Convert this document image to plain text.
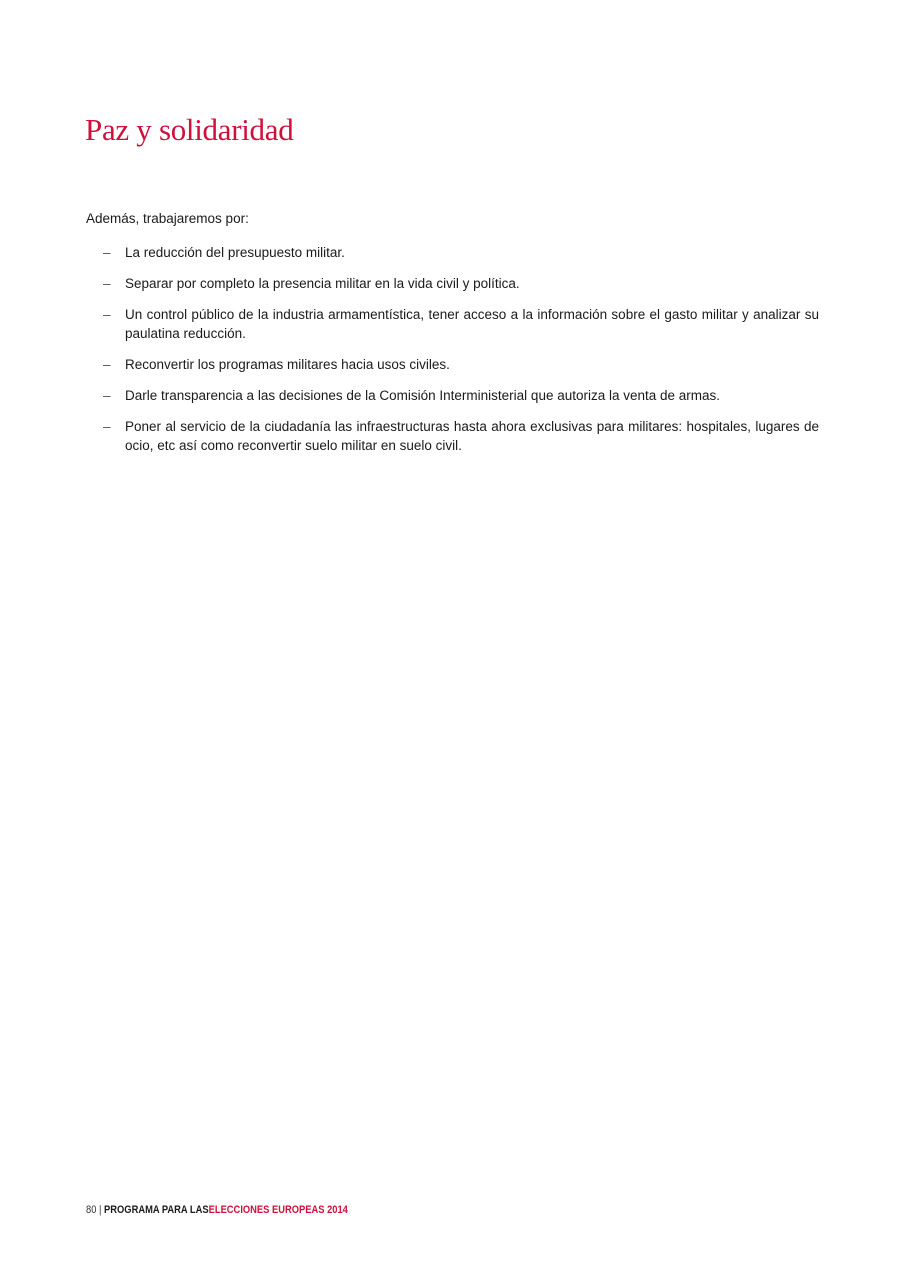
Paz y solidaridad

Además, trabajaremos por:

– La reducción del presupuesto militar.
– Separar por completo la presencia militar en la vida civil y política.
– Un control público de la industria armamentística, tener acceso a la información sobre el gasto militar y analizar su paulatina reducción.
– Reconvertir los programas militares hacia usos civiles.
– Darle transparencia a las decisiones de la Comisión Interministerial que autoriza la venta de armas.
– Poner al servicio de la ciudadanía las infraestructuras hasta ahora exclusivas para militares: hospitales, lugares de ocio, etc así como reconvertir suelo militar en suelo civil.
80 | PROGRAMA PARA LASELECCIONES EUROPEAS 2014
